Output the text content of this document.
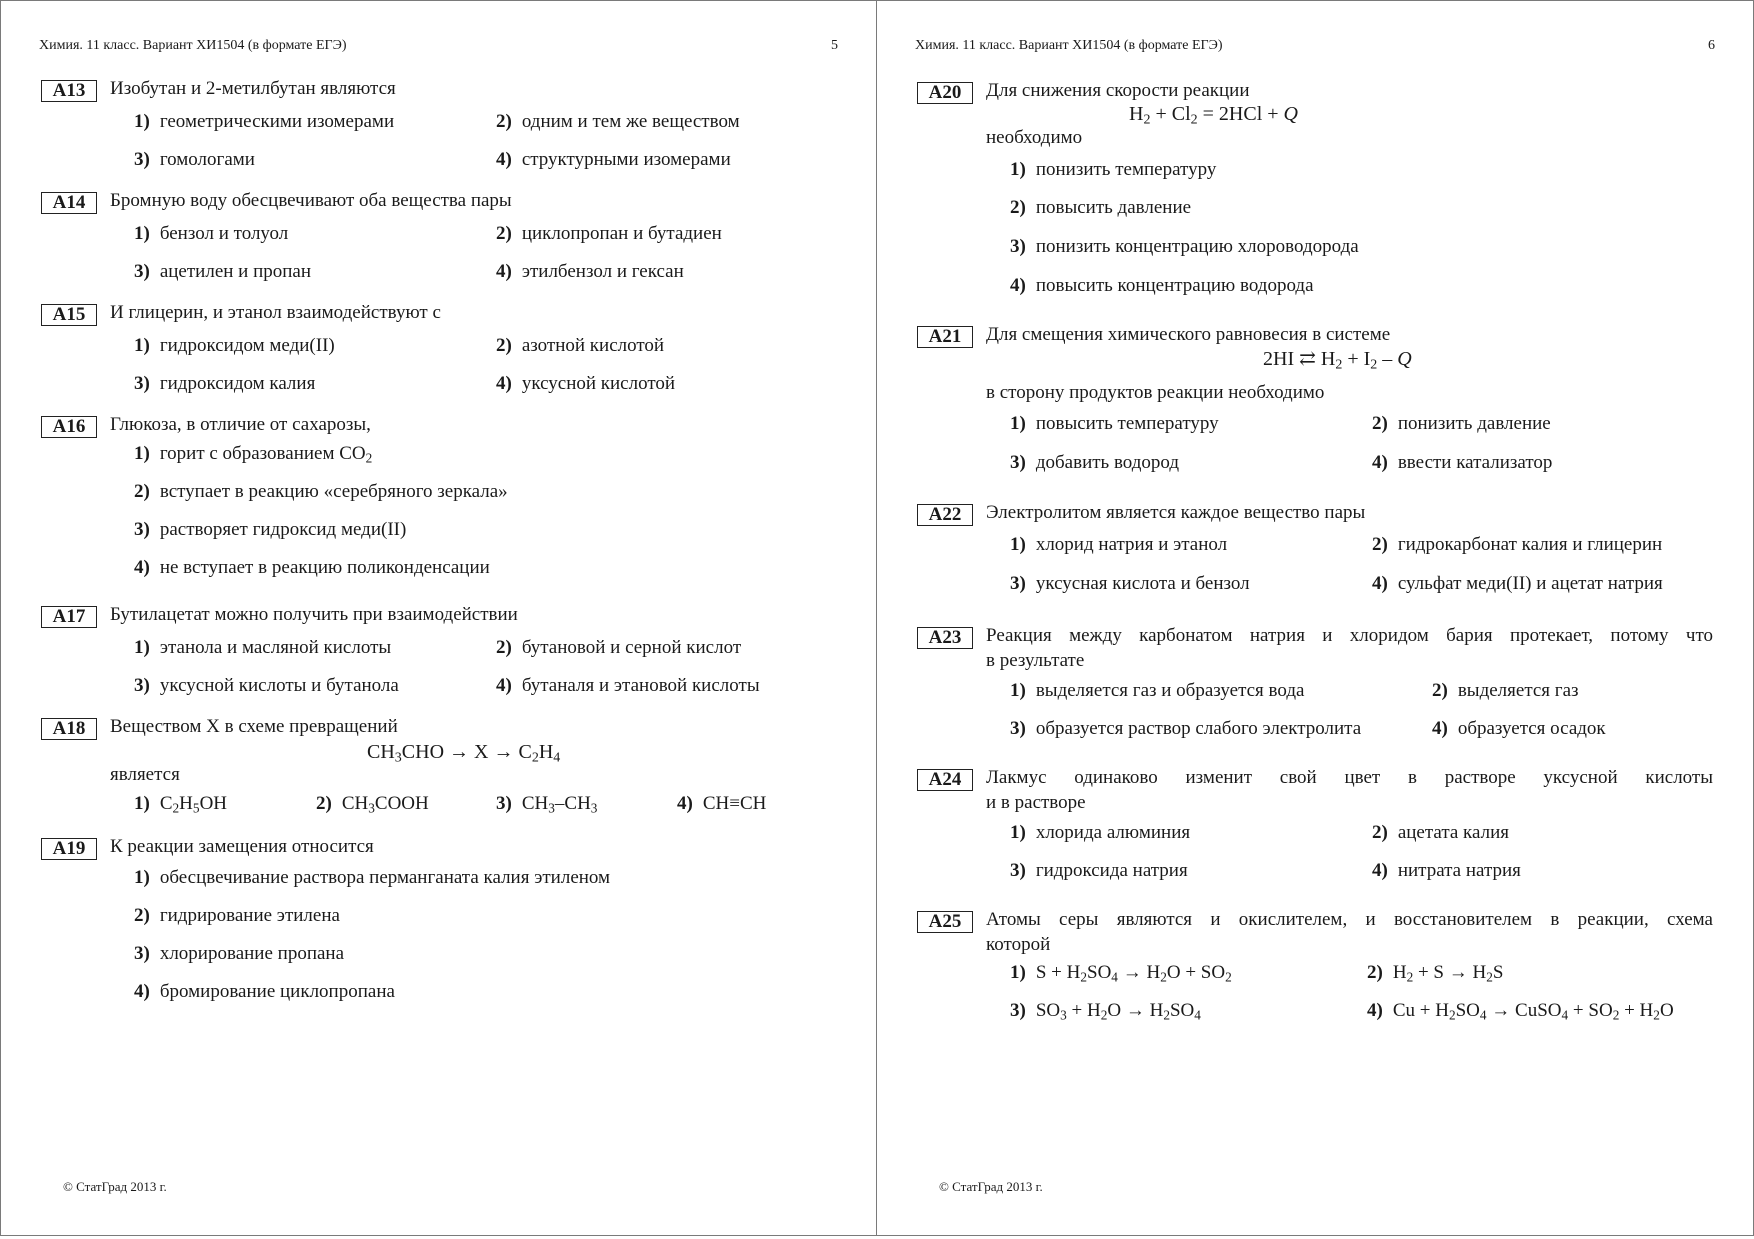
Химия. 11 класс. Вариант ХИ1504 (в формате ЕГЭ)	5
A13	Изобутан и 2-метилбутан являются
1) геометрическими изомерами	2) одним и тем же веществом
3) гомологами	4) структурными изомерами
A14	Бромную воду обесцвечивают оба вещества пары
1) бензол и толуол	2) циклопропан и бутадиен
3) ацетилен и пропан	4) этилбензол и гексан
A15	И глицерин, и этанол взаимодействуют с
1) гидроксидом меди(II)	2) азотной кислотой
3) гидроксидом калия	4) уксусной кислотой
A16	Глюкоза, в отличие от сахарозы,
1) горит с образованием $CO_2$
2) вступает в реакцию «серебряного зеркала»
3) растворяет гидроксид меди(II)
4) не вступает в реакцию поликонденсации
A17	Бутилацетат можно получить при взаимодействии
1) этанола и масляной кислоты	2) бутановой и серной кислот
3) уксусной кислоты и бутанола	4) бутаналя и этановой кислоты
A18	Веществом X в схеме превращений
$CH_3CHO \to X \to C_2H_4$
является
1) $C_2H_5OH$	2) $CH_3COOH$	3) $CH_3-CH_3$	4) CH≡CH
A19	К реакции замещения относится
1) обесцвечивание раствора перманганата калия этиленом
2) гидрирование этилена
3) хлорирование пропана
4) бромирование циклопропана
© СтатГрад 2013 г.
Химия. 11 класс. Вариант ХИ1504 (в формате ЕГЭ)	6
A20	Для снижения скорости реакции
$H_2 + Cl_2 = 2HCl + Q$
необходимо
1) понизить температуру
2) повысить давление
3) понизить концентрацию хлороводорода
4) повысить концентрацию водорода
A21	Для смещения химического равновесия в системе
2HI ⇄ $H_2 + I_2 - Q$
в сторону продуктов реакции необходимо
1) повысить температуру	2) понизить давление
3) добавить водород	4) ввести катализатор
A22	Электролитом является каждое вещество пары
1) хлорид натрия и этанол	2) гидрокарбонат калия и глицерин
3) уксусная кислота и бензол	4) сульфат меди(II) и ацетат натрия
A23	Реакция между карбонатом натрия и хлоридом бария протекает, потому что
в результате
1) выделяется газ и образуется вода	2) выделяется газ
3) образуется раствор слабого электролита	4) образуется осадок
A24	Лакмус одинаково изменит свой цвет в растворе уксусной кислоты
и в растворе
1) хлорида алюминия	2) ацетата калия
3) гидроксида натрия	4) нитрата натрия
A25	Атомы серы являются и окислителем, и восстановителем в реакции, схема
которой
1) $S + H_2SO_4 \to H_2O + SO_2$	2) $H_2 + S \to H_2S$
3) $SO_3 + H_2O \to H_2SO_4$	4) $Cu + H_2SO_4$ → CuSO$_4$ + $SO_2 + H_2O$
© СтатГрад 2013 г.
